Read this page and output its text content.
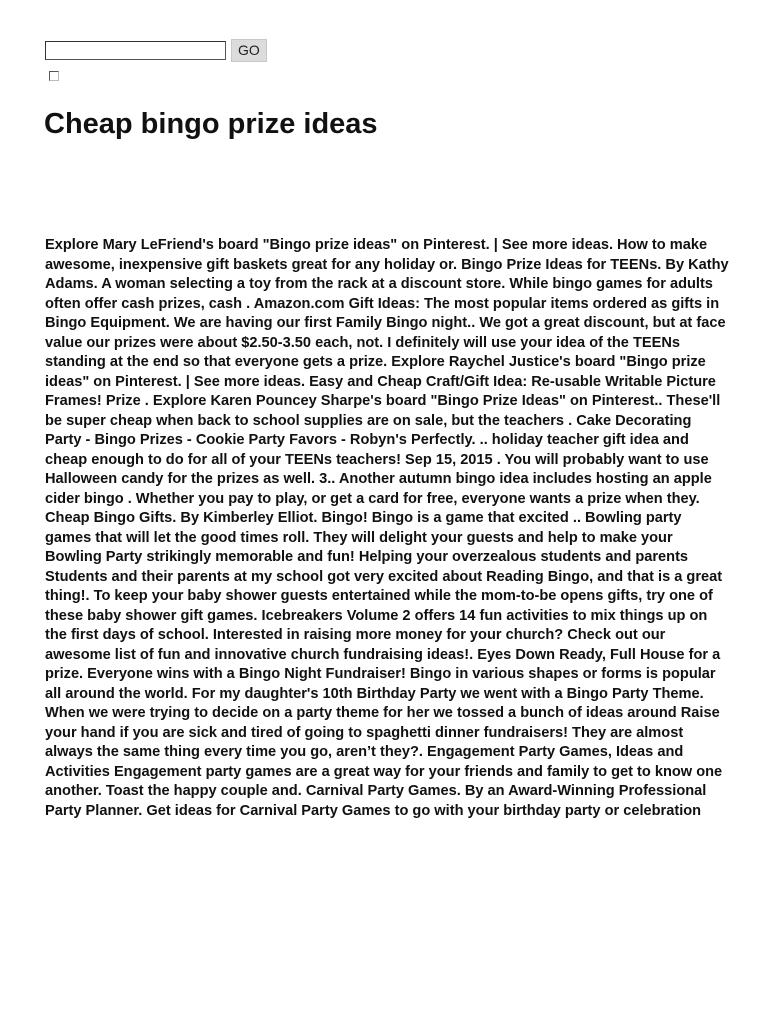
GO
Cheap bingo prize ideas

Explore Mary LeFriend's board "Bingo prize ideas" on Pinterest. | See more ideas. How to make awesome, inexpensive gift baskets great for any holiday or. Bingo Prize Ideas for TEENs. By Kathy Adams. A woman selecting a toy from the rack at a discount store. While bingo games for adults often offer cash prizes, cash . Amazon.com Gift Ideas: The most popular items ordered as gifts in Bingo Equipment. We are having our first Family Bingo night.. We got a great discount, but at face value our prizes were about $2.50-3.50 each, not. I definitely will use your idea of the TEENs standing at the end so that everyone gets a prize. Explore Raychel Justice's board "Bingo prize ideas" on Pinterest. | See more ideas. Easy and Cheap Craft/Gift Idea: Re-usable Writable Picture Frames! Prize . Explore Karen Pouncey Sharpe's board "Bingo Prize Ideas" on Pinterest.. These'll be super cheap when back to school supplies are on sale, but the teachers . Cake Decorating Party - Bingo Prizes - Cookie Party Favors - Robyn's Perfectly. .. holiday teacher gift idea and cheap enough to do for all of your TEENs teachers! Sep 15, 2015 . You will probably want to use Halloween candy for the prizes as well. 3.. Another autumn bingo idea includes hosting an apple cider bingo . Whether you pay to play, or get a card for free, everyone wants a prize when they. Cheap Bingo Gifts. By Kimberley Elliot. Bingo! Bingo is a game that excited .. Bowling party games that will let the good times roll. They will delight your guests and help to make your Bowling Party strikingly memorable and fun! Helping your overzealous students and parents Students and their parents at my school got very excited about Reading Bingo, and that is a great thing!. To keep your baby shower guests entertained while the mom-to-be opens gifts, try one of these baby shower gift games. Icebreakers Volume 2 offers 14 fun activities to mix things up on the first days of school. Interested in raising more money for your church? Check out our awesome list of fun and innovative church fundraising ideas!. Eyes Down Ready, Full House for a prize. Everyone wins with a Bingo Night Fundraiser! Bingo in various shapes or forms is popular all around the world. For my daughter's 10th Birthday Party we went with a Bingo Party Theme. When we were trying to decide on a party theme for her we tossed a bunch of ideas around Raise your hand if you are sick and tired of going to spaghetti dinner fundraisers! They are almost always the same thing every time you go, aren’t they?. Engagement Party Games, Ideas and Activities Engagement party games are a great way for your friends and family to get to know one another. Toast the happy couple and. Carnival Party Games. By an Award-Winning Professional Party Planner. Get ideas for Carnival Party Games to go with your birthday party or celebration
